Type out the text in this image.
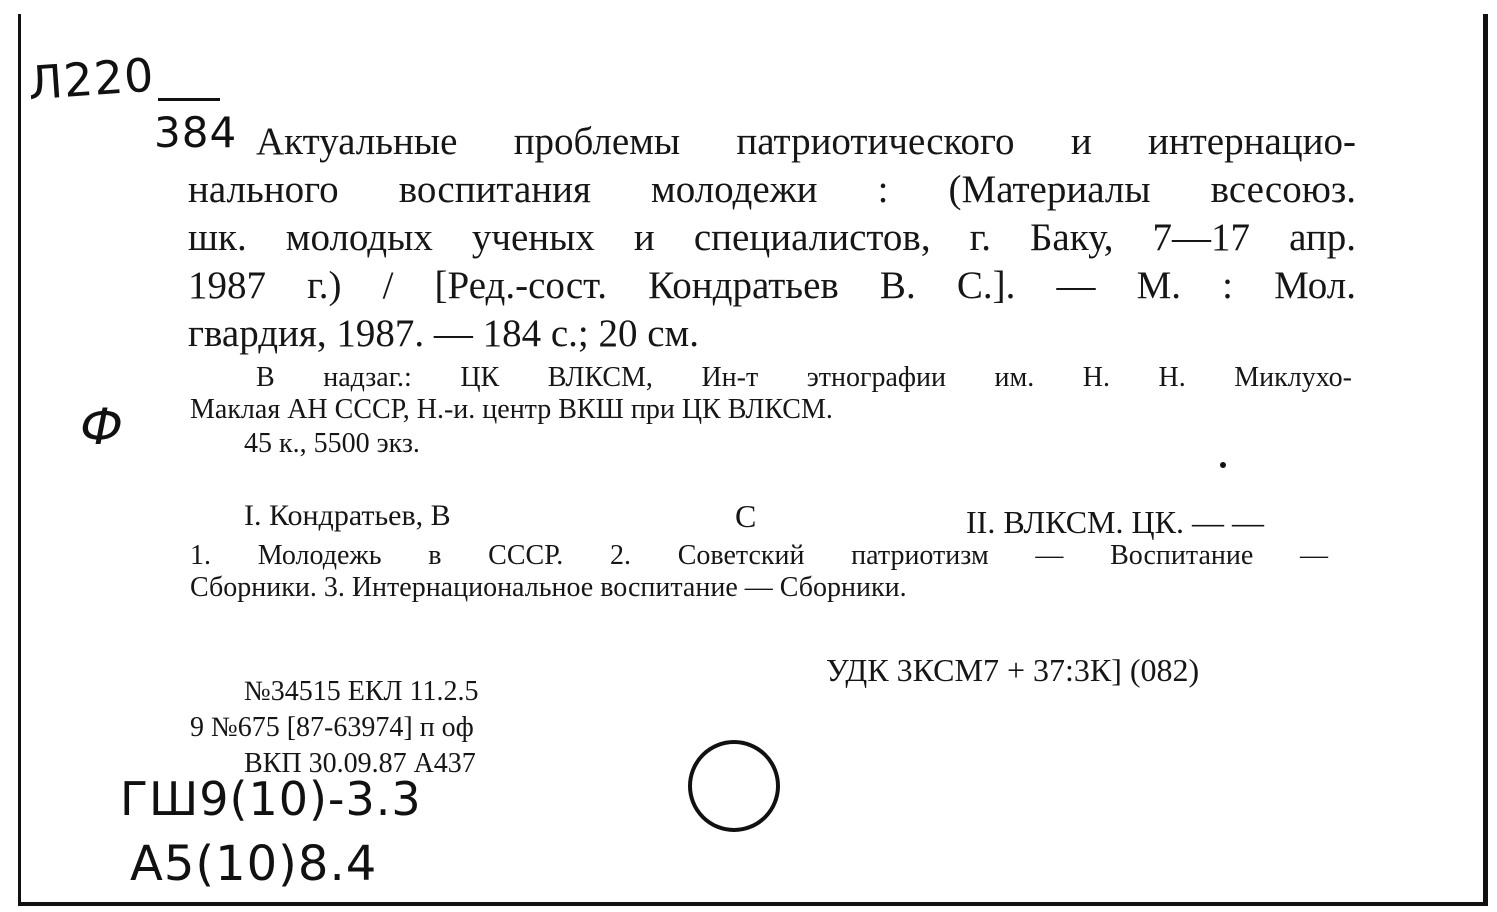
Л220
384 Актуальные проблемы патриотического и интернацио-
нального воспитания молодежи : (Материалы всесоюз.
шк. молодых ученых и специалистов, г. Баку, 7—17 апр.
1987 г.) / [Ред.-сост. Кондратьев В. С.]. — М. : Мол.
гвардия, 1987. — 184 с.; 20 см.
В надзаг.: ЦК ВЛКСМ, Ин-т этнографии им. Н. Н. Миклухо-
Маклая АН СССР, Н.-и. центр ВКШ при ЦК ВЛКСМ.
45 к., 5500 экз.
I. Кондратьев, В	С	II. ВЛКСМ. ЦК. — —
1. Молодежь в СССР. 2. Советский патриотизм — Воспитание —
Сборники. 3. Интернациональное воспитание — Сборники.
УДК 3КСМ7 + 37:3К] (082)
№34515 ЕКЛ 11.2.5
9 №675 [87-63974] п оф
ВКП 30.09.87 А437
Ф
ГШ9(10)-3.3
А5(10)8.4
